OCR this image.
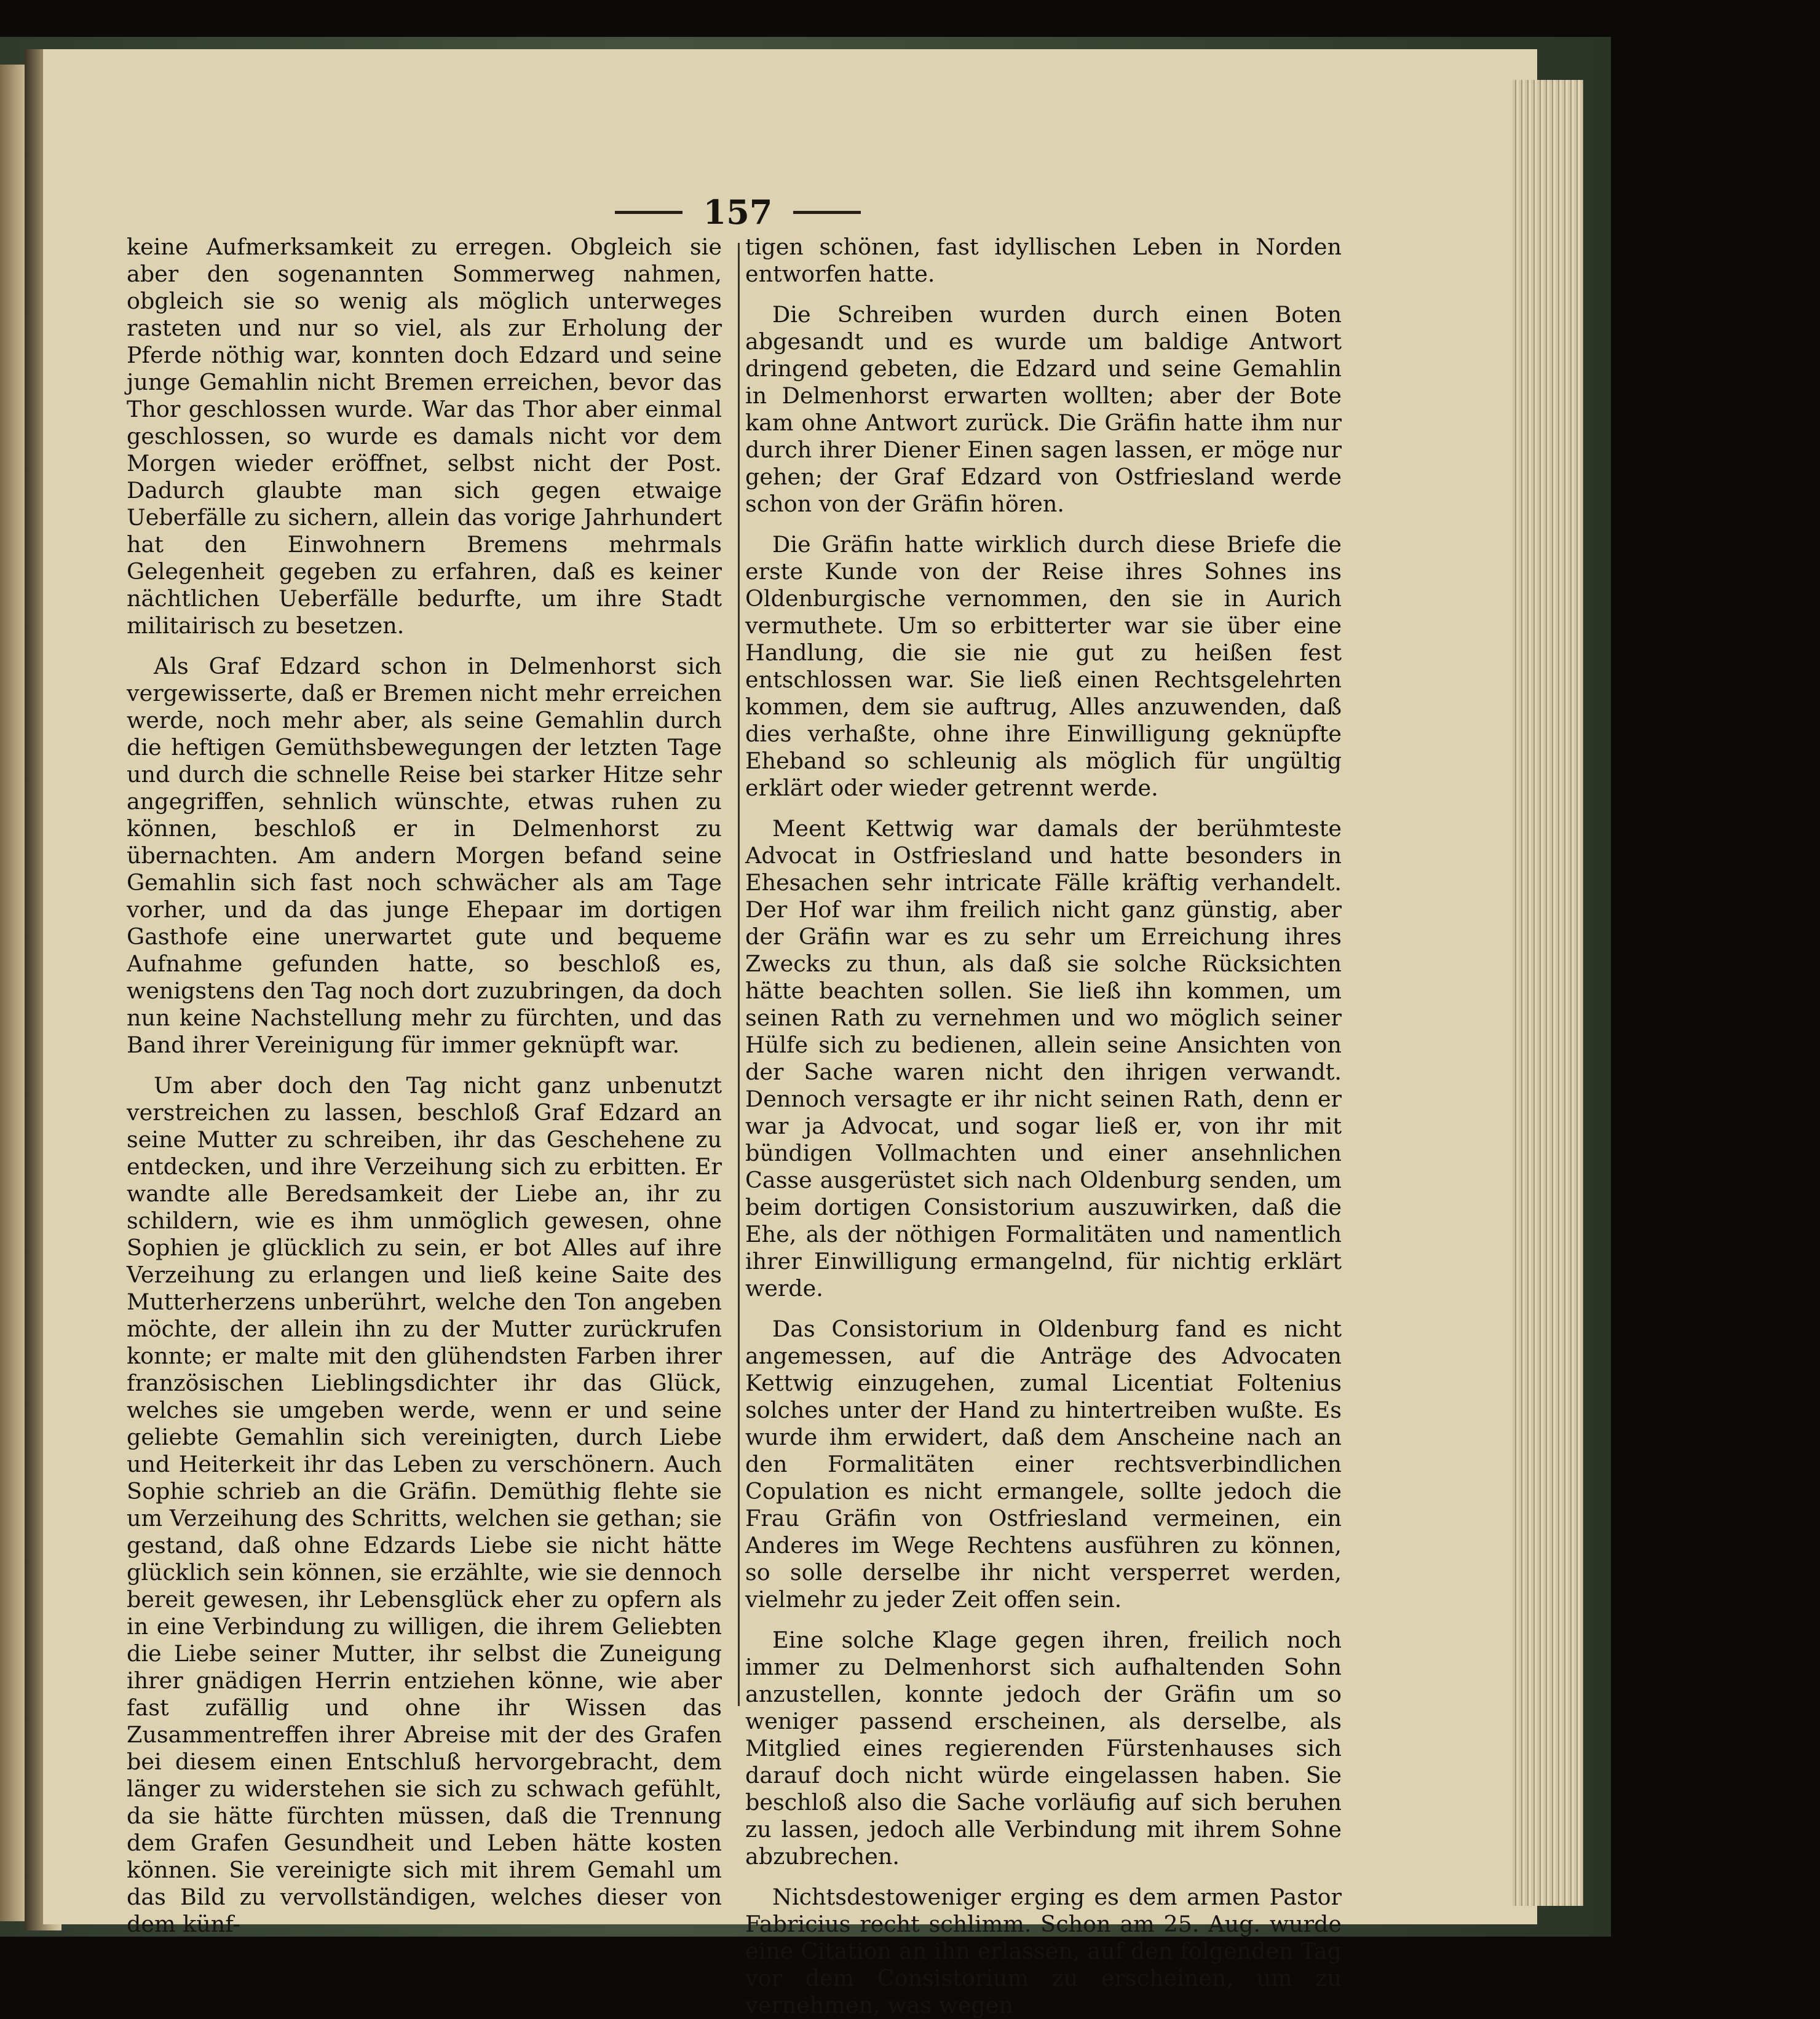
157

keine Aufmerksamkeit zu erregen. Obgleich sie aber den sogenannten Sommerweg nahmen, obgleich sie so wenig als möglich unterweges rasteten und nur so viel, als zur Erholung der Pferde nöthig war, konnten doch Edzard und seine junge Gemahlin nicht Bremen erreichen, bevor das Thor geschlossen wurde. War das Thor aber einmal geschlossen, so wurde es damals nicht vor dem Morgen wieder eröffnet, selbst nicht der Post. Dadurch glaubte man sich gegen etwaige Ueberfälle zu sichern, allein das vorige Jahrhundert hat den Einwohnern Bremens mehrmals Gelegenheit gegeben zu erfahren, daß es keiner nächtlichen Ueberfälle bedurfte, um ihre Stadt militairisch zu besetzen.

Als Graf Edzard schon in Delmenhorst sich vergewisserte, daß er Bremen nicht mehr erreichen werde, noch mehr aber, als seine Gemahlin durch die heftigen Gemüthsbewegungen der letzten Tage und durch die schnelle Reise bei starker Hitze sehr angegriffen, sehnlich wünschte, etwas ruhen zu können, beschloß er in Delmenhorst zu übernachten. Am andern Morgen befand seine Gemahlin sich fast noch schwächer als am Tage vorher, und da das junge Ehepaar im dortigen Gasthofe eine unerwartet gute und bequeme Aufnahme gefunden hatte, so beschloß es, wenigstens den Tag noch dort zuzubringen, da doch nun keine Nachstellung mehr zu fürchten, und das Band ihrer Vereinigung für immer geknüpft war.

Um aber doch den Tag nicht ganz unbenutzt verstreichen zu lassen, beschloß Graf Edzard an seine Mutter zu schreiben, ihr das Geschehene zu entdecken, und ihre Verzeihung sich zu erbitten. Er wandte alle Beredsamkeit der Liebe an, ihr zu schildern, wie es ihm unmöglich gewesen, ohne Sophien je glücklich zu sein, er bot Alles auf ihre Verzeihung zu erlangen und ließ keine Saite des Mutterherzens unberührt, welche den Ton angeben möchte, der allein ihn zu der Mutter zurückrufen konnte; er malte mit den glühendsten Farben ihrer französischen Lieblingsdichter ihr das Glück, welches sie umgeben werde, wenn er und seine geliebte Gemahlin sich vereinigten, durch Liebe und Heiterkeit ihr das Leben zu verschönern. Auch Sophie schrieb an die Gräfin. Demüthig flehte sie um Verzeihung des Schritts, welchen sie gethan; sie gestand, daß ohne Edzards Liebe sie nicht hätte glücklich sein können, sie erzählte, wie sie dennoch bereit gewesen, ihr Lebensglück eher zu opfern als in eine Verbindung zu willigen, die ihrem Geliebten die Liebe seiner Mutter, ihr selbst die Zuneigung ihrer gnädigen Herrin entziehen könne, wie aber fast zufällig und ohne ihr Wissen das Zusammentreffen ihrer Abreise mit der des Grafen bei diesem einen Entschluß hervorgebracht, dem länger zu widerstehen sie sich zu schwach gefühlt, da sie hätte fürchten müssen, daß die Trennung dem Grafen Gesundheit und Leben hätte kosten können. Sie vereinigte sich mit ihrem Gemahl um das Bild zu vervollständigen, welches dieser von dem künf-

tigen schönen, fast idyllischen Leben in Norden entworfen hatte.

Die Schreiben wurden durch einen Boten abgesandt und es wurde um baldige Antwort dringend gebeten, die Edzard und seine Gemahlin in Delmenhorst erwarten wollten; aber der Bote kam ohne Antwort zurück. Die Gräfin hatte ihm nur durch ihrer Diener Einen sagen lassen, er möge nur gehen; der Graf Edzard von Ostfriesland werde schon von der Gräfin hören.

Die Gräfin hatte wirklich durch diese Briefe die erste Kunde von der Reise ihres Sohnes ins Oldenburgische vernommen, den sie in Aurich vermuthete. Um so erbitterter war sie über eine Handlung, die sie nie gut zu heißen fest entschlossen war. Sie ließ einen Rechtsgelehrten kommen, dem sie auftrug, Alles anzuwenden, daß dies verhaßte, ohne ihre Einwilligung geknüpfte Eheband so schleunig als möglich für ungültig erklärt oder wieder getrennt werde.

Meent Kettwig war damals der berühmteste Advocat in Ostfriesland und hatte besonders in Ehesachen sehr intricate Fälle kräftig verhandelt. Der Hof war ihm freilich nicht ganz günstig, aber der Gräfin war es zu sehr um Erreichung ihres Zwecks zu thun, als daß sie solche Rücksichten hätte beachten sollen. Sie ließ ihn kommen, um seinen Rath zu vernehmen und wo möglich seiner Hülfe sich zu bedienen, allein seine Ansichten von der Sache waren nicht den ihrigen verwandt. Dennoch versagte er ihr nicht seinen Rath, denn er war ja Advocat, und sogar ließ er, von ihr mit bündigen Vollmachten und einer ansehnlichen Casse ausgerüstet sich nach Oldenburg senden, um beim dortigen Consistorium auszuwirken, daß die Ehe, als der nöthigen Formalitäten und namentlich ihrer Einwilligung ermangelnd, für nichtig erklärt werde.

Das Consistorium in Oldenburg fand es nicht angemessen, auf die Anträge des Advocaten Kettwig einzugehen, zumal Licentiat Foltenius solches unter der Hand zu hintertreiben wußte. Es wurde ihm erwidert, daß dem Anscheine nach an den Formalitäten einer rechtsverbindlichen Copulation es nicht ermangele, sollte jedoch die Frau Gräfin von Ostfriesland vermeinen, ein Anderes im Wege Rechtens ausführen zu können, so solle derselbe ihr nicht versperret werden, vielmehr zu jeder Zeit offen sein.

Eine solche Klage gegen ihren, freilich noch immer zu Delmenhorst sich aufhaltenden Sohn anzustellen, konnte jedoch der Gräfin um so weniger passend erscheinen, als derselbe, als Mitglied eines regierenden Fürstenhauses sich darauf doch nicht würde eingelassen haben. Sie beschloß also die Sache vorläufig auf sich beruhen zu lassen, jedoch alle Verbindung mit ihrem Sohne abzubrechen.

Nichtsdestoweniger erging es dem armen Pastor Fabricius recht schlimm. Schon am 25. Aug. wurde eine Citation an ihn erlassen, auf den folgenden Tag vor dem Consistorium zu erscheinen, um zu vernehmen, was wegen
